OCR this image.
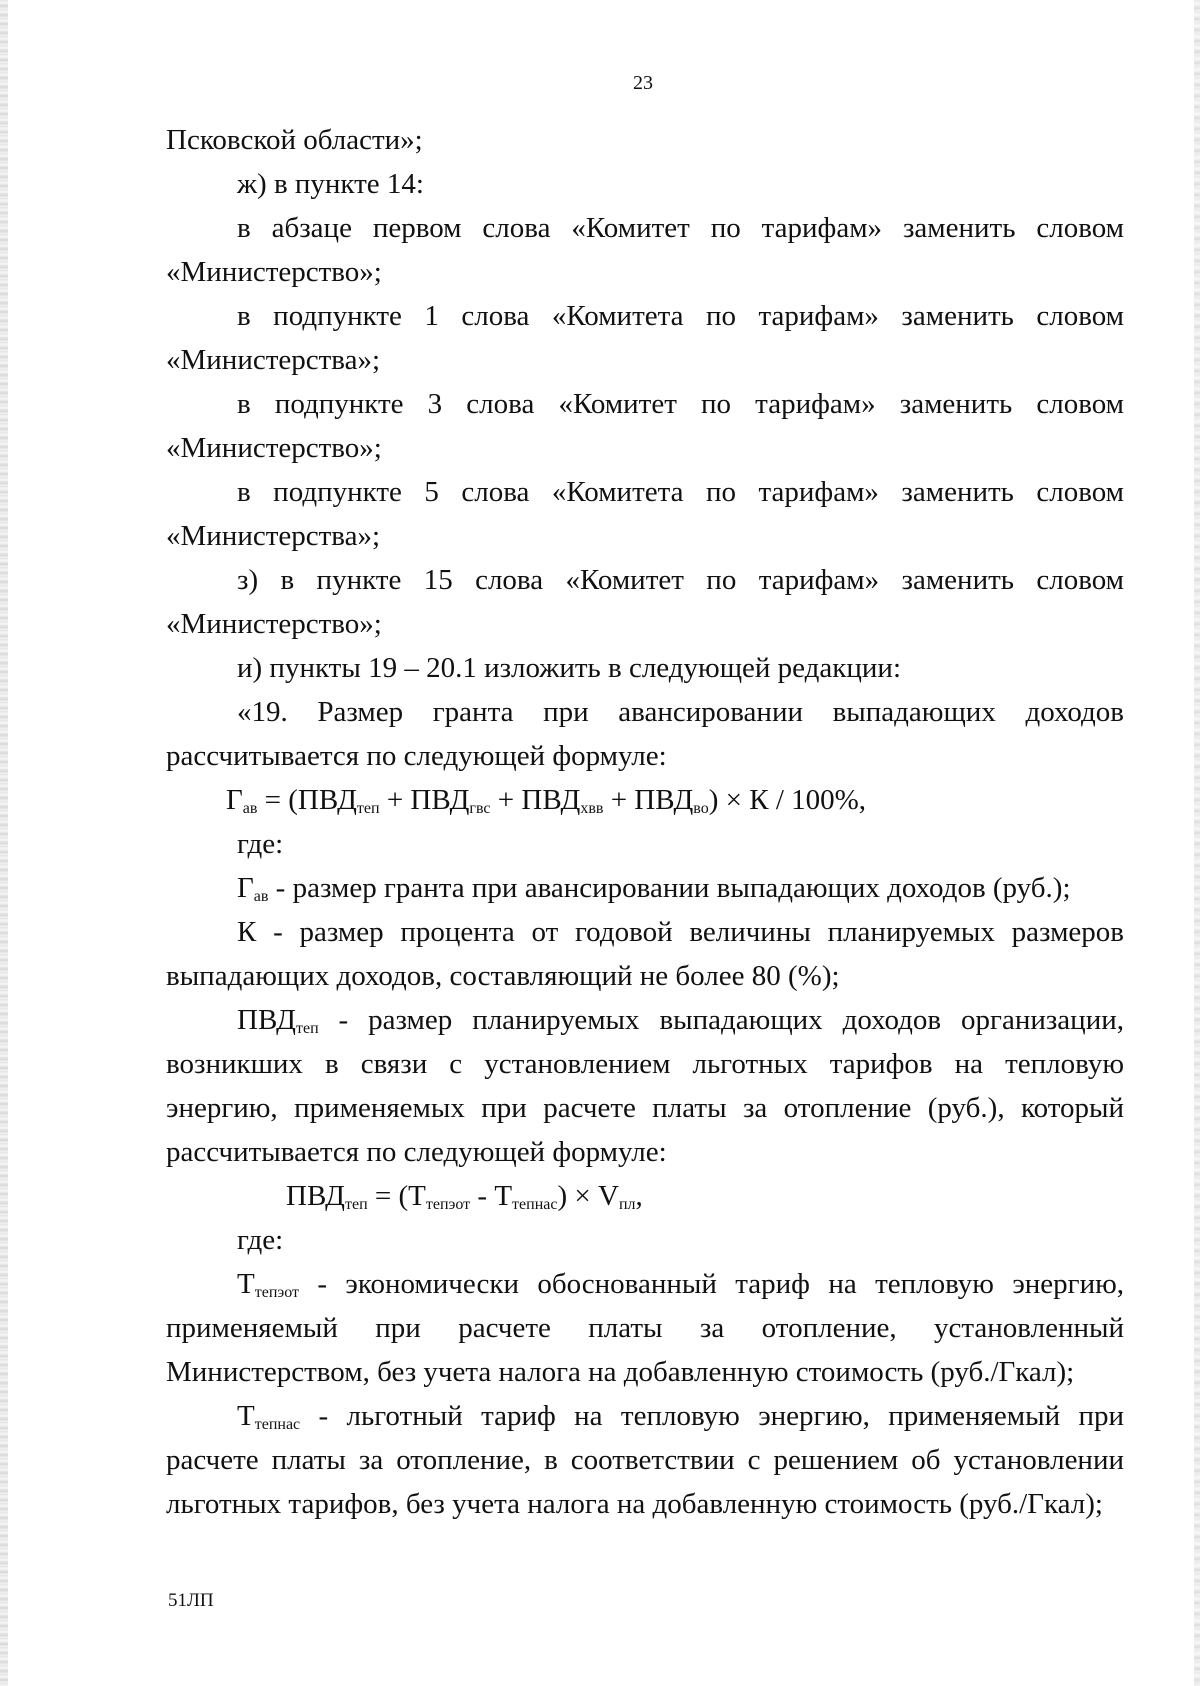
23

Псковской области»;

ж) в пункте 14:

в абзаце первом слова «Комитет по тарифам» заменить словом «Министерство»;

в подпункте 1 слова «Комитета по тарифам» заменить словом «Министерства»;

в подпункте 3 слова «Комитет по тарифам» заменить словом «Министерство»;

в подпункте 5 слова «Комитета по тарифам» заменить словом «Министерства»;

з) в пункте 15 слова «Комитет по тарифам» заменить словом «Министерство»;

и) пункты 19 – 20.1 изложить в следующей редакции:

«19. Размер гранта при авансировании выпадающих доходов рассчитывается по следующей формуле:

$Г_{ав} = (ПВД_{теп} + ПВД_{гвс} + ПВД_{хвв} + ПВД_{во}) \times К / 100\%$,

где:

$Г_{ав}$ - размер гранта при авансировании выпадающих доходов (руб.);

К - размер процента от годовой величины планируемых размеров выпадающих доходов, составляющий не более 80 (%);

$ПВД_{теп}$ - размер планируемых выпадающих доходов организации, возникших в связи с установлением льготных тарифов на тепловую энергию, применяемых при расчете платы за отопление (руб.), который рассчитывается по следующей формуле:

$ПВД_{теп} = (Т_{тепэот} - Т_{тепнас}) \times V_{пл}$,

где:

$Т_{тепэот}$ - экономически обоснованный тариф на тепловую энергию, применяемый при расчете платы за отопление, установленный Министерством, без учета налога на добавленную стоимость (руб./Гкал);

$Т_{тепнас}$ - льготный тариф на тепловую энергию, применяемый при расчете платы за отопление, в соответствии с решением об установлении льготных тарифов, без учета налога на добавленную стоимость (руб./Гкал);

51ЛП
